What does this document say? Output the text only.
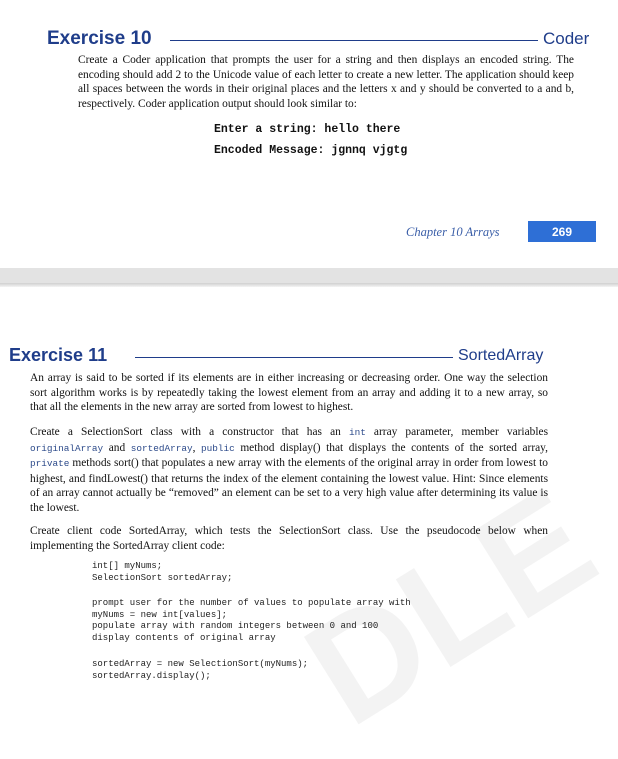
Exercise 10	Coder

Create a Coder application that prompts the user for a string and then displays an encoded string. The encoding should add 2 to the Unicode value of each letter to create a new letter. The application should keep all spaces between the words in their original places and the letters x and y should be converted to a and b, respectively. Coder application output should look similar to:

Enter a string: hello there
Encoded Message: jgnnq vjgtg
Chapter 10 Arrays	269
Exercise 11	SortedArray

An array is said to be sorted if its elements are in either increasing or decreasing order. One way the selection sort algorithm works is by repeatedly taking the lowest element from an array and adding it to a new array, so that all the elements in the new array are sorted from lowest to highest.

Create a SelectionSort class with a constructor that has an int array parameter, member variables originalArray and sortedArray, public method display() that displays the contents of the sorted array, private methods sort() that populates a new array with the elements of the original array in order from lowest to highest, and findLowest() that returns the index of the element containing the lowest value. Hint: Since elements of an array cannot actually be “removed” an element can be set to a very high value after determining its value is the lowest.

Create client code SortedArray, which tests the SelectionSort class. Use the pseudocode below when implementing the SortedArray client code:

int[] myNums;
SelectionSort sortedArray;
prompt user for the number of values to populate array with
myNums = new int[values];
populate array with random integers between 0 and 100
display contents of original array
sortedArray = new SelectionSort(myNums);
sortedArray.display();
